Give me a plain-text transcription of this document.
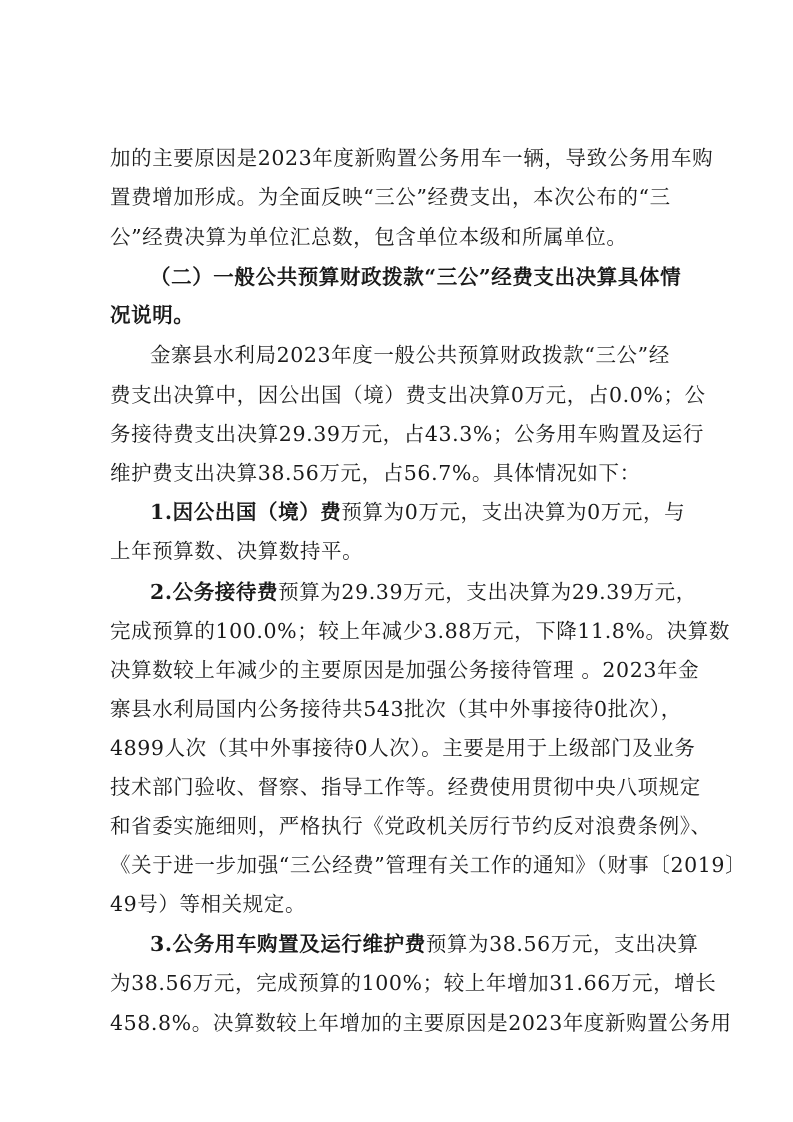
加的主要原因是2023年度新购置公务用车一辆，导致公务用车购
置费增加形成。为全面反映“三公”经费支出，本次公布的“三
公”经费决算为单位汇总数，包含单位本级和所属单位。
（二）一般公共预算财政拨款“三公”经费支出决算具体情
况说明。
金寨县水利局2023年度一般公共预算财政拨款“三公”经
费支出决算中，因公出国（境）费支出决算0万元，占0.0%；公
务接待费支出决算29.39万元，占43.3%；公务用车购置及运行
维护费支出决算38.56万元，占56.7%。具体情况如下：
1.因公出国（境）费预算为0万元，支出决算为0万元，与
上年预算数、决算数持平。
2.公务接待费预算为29.39万元，支出决算为29.39万元，
完成预算的100.0%；较上年减少3.88万元，下降11.8%。决算数
决算数较上年减少的主要原因是加强公务接待管理 。2023年金
寨县水利局国内公务接待共543批次（其中外事接待0批次），
4899人次（其中外事接待0人次）。主要是用于上级部门及业务
技术部门验收、督察、指导工作等。经费使用贯彻中央八项规定
和省委实施细则，严格执行《党政机关厉行节约反对浪费条例》、
《关于进一步加强“三公经费”管理有关工作的通知》（财事〔2019〕
49号）等相关规定。
3.公务用车购置及运行维护费预算为38.56万元，支出决算
为38.56万元，完成预算的100%；较上年增加31.66万元，增长
458.8%。决算数较上年增加的主要原因是2023年度新购置公务用
